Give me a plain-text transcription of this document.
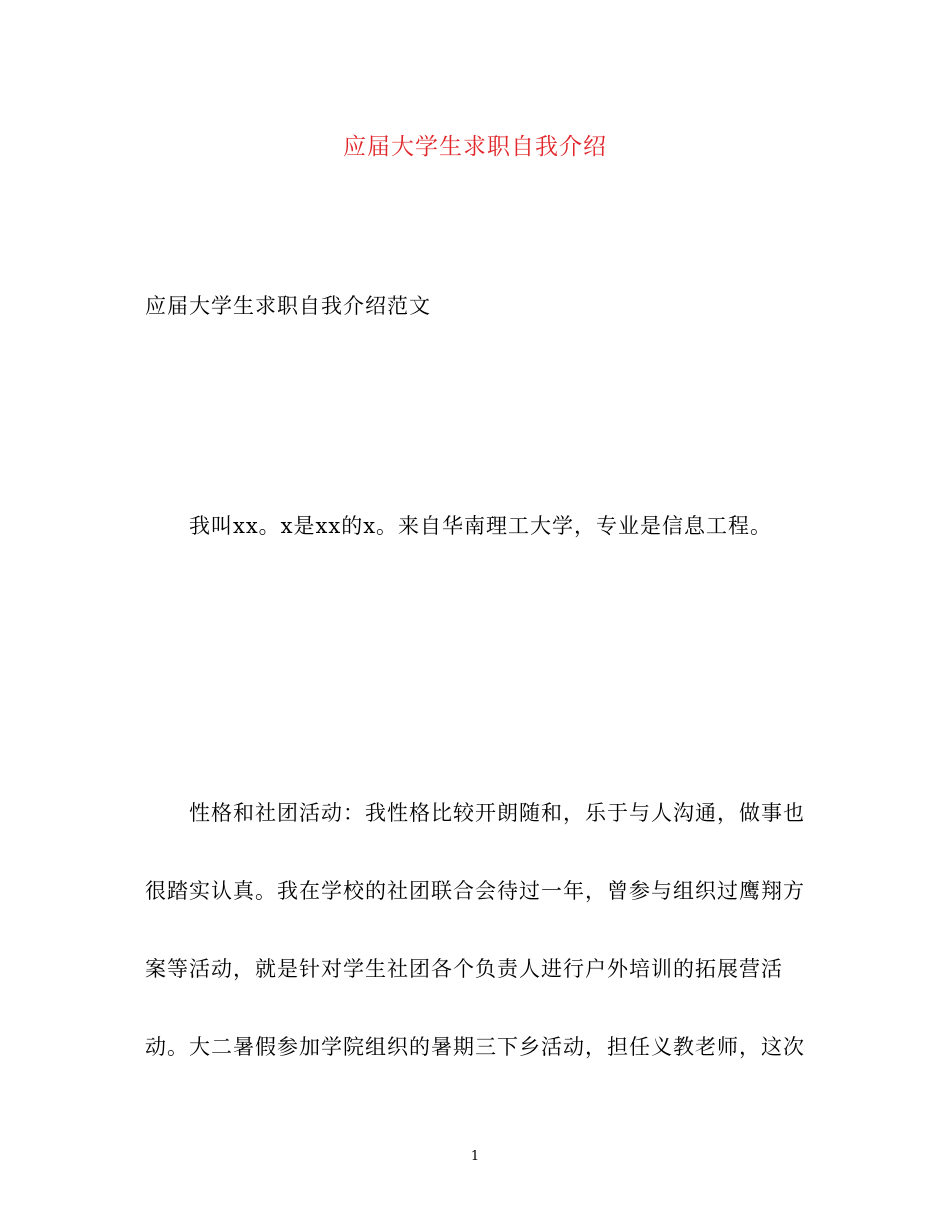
应届大学生求职自我介绍
应届大学生求职自我介绍范文
我叫xx。x是xx的x。来自华南理工大学，专业是信息工程。
性格和社团活动：我性格比较开朗随和，乐于与人沟通，做事也
很踏实认真。我在学校的社团联合会待过一年，曾参与组织过鹰翔方
案等活动，就是针对学生社团各个负责人进行户外培训的拓展营活
动。大二暑假参加学院组织的暑期三下乡活动，担任义教老师，这次
1
